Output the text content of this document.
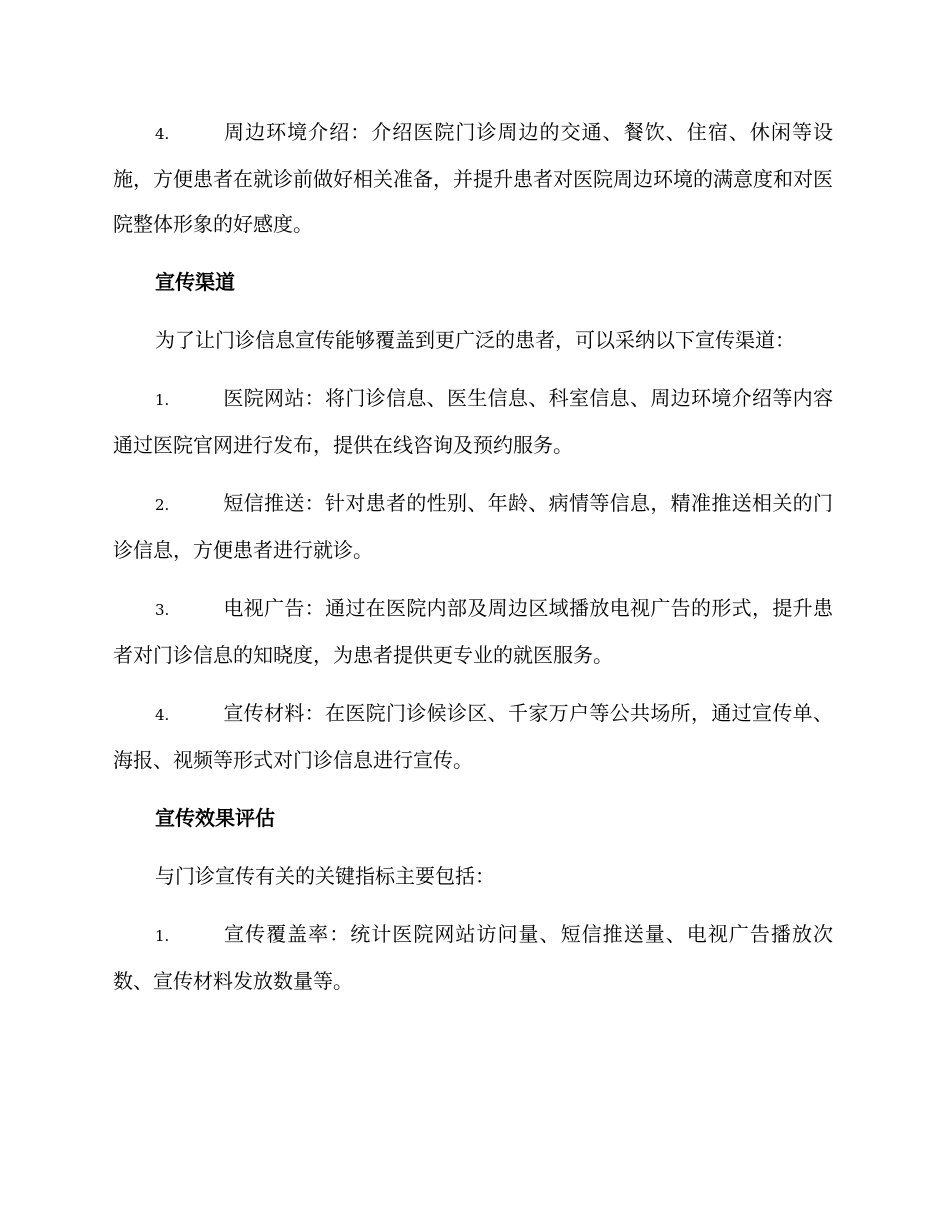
4.	周边环境介绍：介绍医院门诊周边的交通、餐饮、住宿、休闲等设施，方便患者在就诊前做好相关准备，并提升患者对医院周边环境的满意度和对医院整体形象的好感度。

宣传渠道

为了让门诊信息宣传能够覆盖到更广泛的患者，可以采纳以下宣传渠道：

1.	医院网站：将门诊信息、医生信息、科室信息、周边环境介绍等内容通过医院官网进行发布，提供在线咨询及预约服务。

2.	短信推送：针对患者的性别、年龄、病情等信息，精准推送相关的门诊信息，方便患者进行就诊。

3.	电视广告：通过在医院内部及周边区域播放电视广告的形式，提升患者对门诊信息的知晓度，为患者提供更专业的就医服务。

4.	宣传材料：在医院门诊候诊区、千家万户等公共场所，通过宣传单、海报、视频等形式对门诊信息进行宣传。

宣传效果评估

与门诊宣传有关的关键指标主要包括：

1.	宣传覆盖率：统计医院网站访问量、短信推送量、电视广告播放次数、宣传材料发放数量等。
